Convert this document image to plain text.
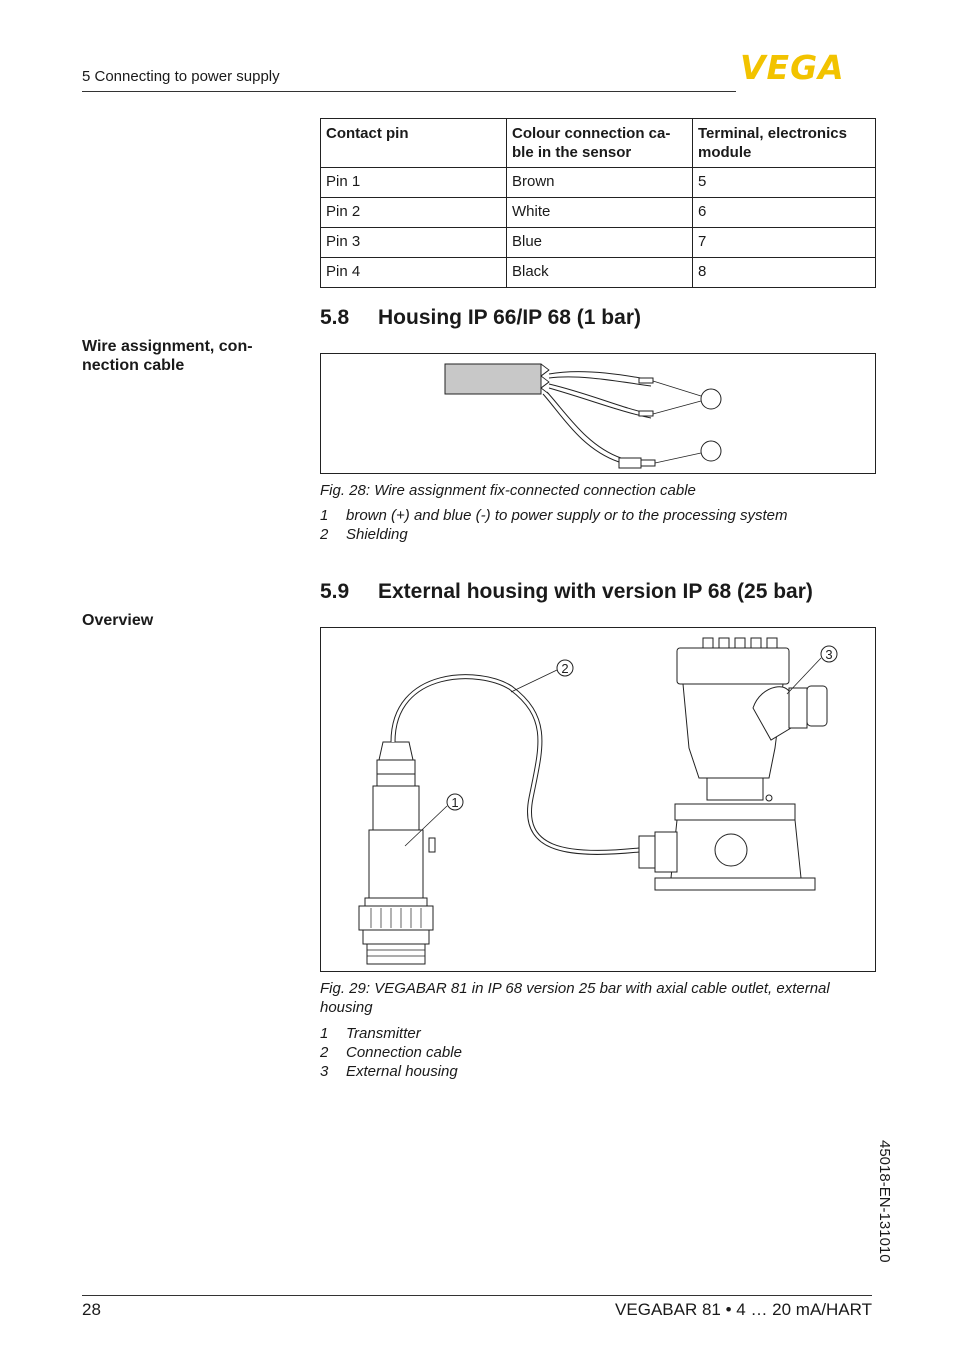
5 Connecting to power supply	VEGA
Contact pin	Colour connection ca-ble in the sensor	Terminal, electronics module
Pin 1	Brown	5
Pin 2	White	6
Pin 3	Blue	7
Pin 4	Black	8
5.8 Housing IP 66/IP 68 (1 bar)
Wire assignment, con-nection cable
Fig. 28: Wire assignment fix-connected connection cable
1 brown (+) and blue (-) to power supply or to the processing system
2 Shielding
5.9 External housing with version IP 68 (25 bar)
Overview
2
1
3
Fig. 29: VEGABAR 81 in IP 68 version 25 bar with axial cable outlet, external housing
1 Transmitter
2 Connection cable
3 External housing
45018-EN-131010
28	VEGABAR 81 • 4 … 20 mA/HART
